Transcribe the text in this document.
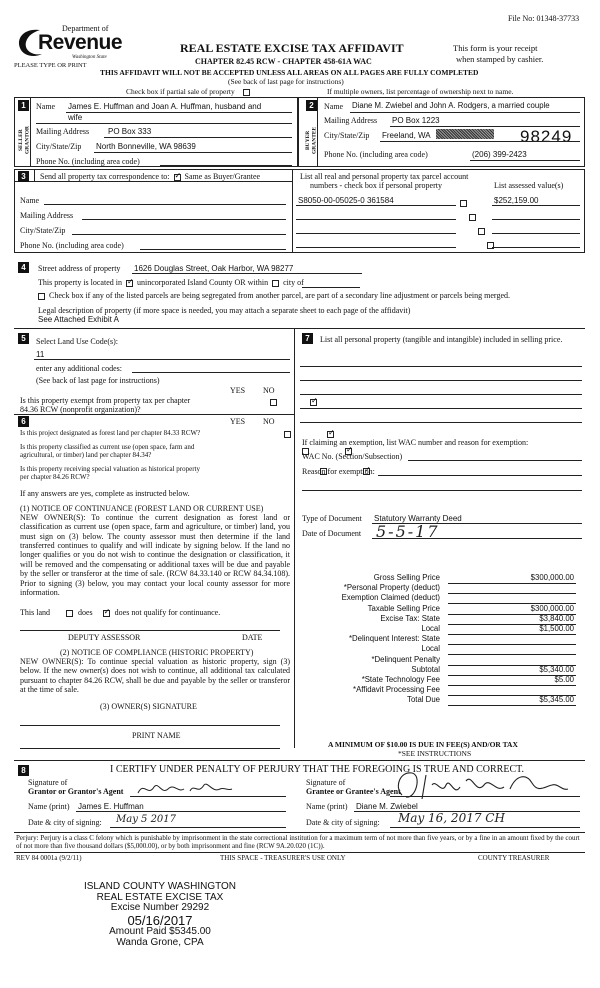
File No: 01348-37733
Department of
Revenue
Washington State
PLEASE TYPE OR PRINT
REAL ESTATE EXCISE TAX AFFIDAVIT
CHAPTER 82.45 RCW - CHAPTER 458-61A WAC
This form is your receipt
when stamped by cashier.
THIS AFFIDAVIT WILL NOT BE ACCEPTED UNLESS ALL AREAS ON ALL PAGES ARE FULLY COMPLETED
(See back of last page for instructions)
Check box if partial sale of property	If multiple owners, list percentage of ownership next to name.
1	2
SELLER GRANTOR	BUYER GRANTEE
Name James E. Huffman and Joan A. Huffman, husband and
wife
Mailing Address PO Box 333
City/State/Zip North Bonneville, WA 98639
Phone No. (including area code)
Name Diane M. Zwiebel and John A. Rodgers, a married couple
Mailing Address PO Box 1223
City/State/Zip Freeland, WA	98249
Phone No. (including area code)	(206) 399-2423
3	Send all property tax correspondence to: ✓ Same as Buyer/Grantee
Name
Mailing Address
City/State/Zip
Phone No. (including area code)
List all real and personal property tax parcel account
numbers - check box if personal property	List assessed value(s)
S8050-00-05025-0 361584	$252,159.00

4	Street address of property 1626 Douglas Street, Oak Harbor, WA 98277
This property is located in ✓ unincorporated Island County OR within city of
Check box if any of the listed parcels are being segregated from another parcel, are part of a secondary line adjustment or parcels being merged.
Legal description of property (if more space is needed, you may attach a separate sheet to each page of the affidavit)
See Attached Exhibit A
5	7
Select Land Use Code(s):
11
enter any additional codes:
(See back of last page for instructions)
YES NO
Is this property exempt from property tax per chapter
84.36 RCW (nonprofit organization)?
✓
6	YES NO
Is this project designated as forest land per chapter 84.33 RCW?
✓
Is this property classified as current use (open space, farm and
agricultural, or timber) land per chapter 84.34?
✓
Is this property receiving special valuation as historical property
per chapter 84.26 RCW?
✓
If any answers are yes, complete as instructed below.
(1) NOTICE OF CONTINUANCE (FOREST LAND OR CURRENT USE)
NEW OWNER(S): To continue the current designation as forest land or classification as current use (open space, farm and agriculture, or timber) land, you must sign on (3) below. The county assessor must then determine if the land transferred continues to qualify and will indicate by signing below. If the land no longer qualifies or you do not wish to continue the designation or classification, it will be removed and the compensating or additional taxes will be due and payable by the seller or transferor at the time of sale. (RCW 84.33.140 or RCW 84.34.108). Prior to signing (3) below, you may contact your local county assessor for more information.
This land	does ✓	does not qualify for continuance.
DEPUTY ASSESSOR	DATE
(2) NOTICE OF COMPLIANCE (HISTORIC PROPERTY)
NEW OWNER(S): To continue special valuation as historic property, sign (3) below. If the new owner(s) does not wish to continue, all additional tax calculated pursuant to chapter 84.26 RCW, shall be due and payable by the seller or transferor at the time of sale.
(3) OWNER(S) SIGNATURE
PRINT NAME
List all personal property (tangible and intangible) included in selling price.
If claiming an exemption, list WAC number and reason for exemption:
WAC No. (Section/Subsection)
Reason for exemption:
Type of Document Statutory Warranty Deed
Date of Document 5-5-17
Gross Selling Price	$300,000.00
*Personal Property (deduct)
Exemption Claimed (deduct)
Taxable Selling Price	$300,000.00
Excise Tax: State	$3,840.00
Local	$1,500.00
*Delinquent Interest: State
Local
*Delinquent Penalty
Subtotal	$5,340.00
*State Technology Fee	$5.00
*Affidavit Processing Fee
Total Due	$5,345.00
A MINIMUM OF $10.00 IS DUE IN FEE(S) AND/OR TAX
*SEE INSTRUCTIONS
8	I CERTIFY UNDER PENALTY OF PERJURY THAT THE FOREGOING IS TRUE AND CORRECT.
Signature of
Grantor or Grantor's Agent
Name (print) James E. Huffman
Date & city of signing: May 5 2017
Signature of
Grantee or Grantee's Agent
Name (print) Diane M. Zwiebel
Date & city of signing: May 16, 2017 CH
Perjury: Perjury is a class C felony which is punishable by imprisonment in the state correctional institution for a maximum term of not more than five years, or by a fine in an amount fixed by the court of not more than five thousand dollars ($5,000.00), or by both imprisonment and fine (RCW 9A.20.020 (1C)).
REV 84 0001a (9/2/11)	THIS SPACE - TREASURER'S USE ONLY	COUNTY TREASURER
ISLAND COUNTY WASHINGTON
REAL ESTATE EXCISE TAX
Excise Number 29292
05/16/2017
Amount Paid $5345.00
Wanda Grone, CPA
